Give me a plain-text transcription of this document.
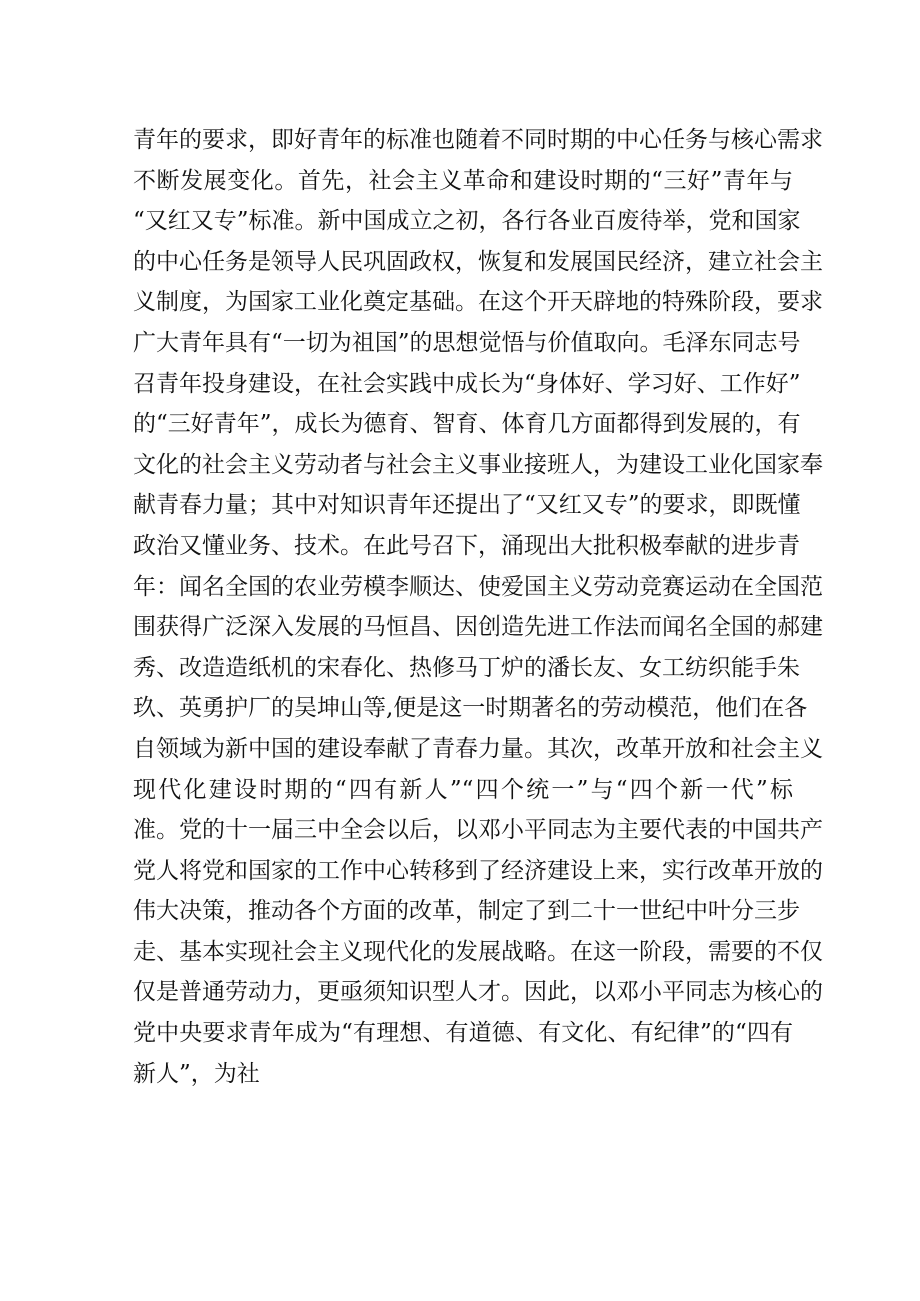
青年的要求，即好青年的标准也随着不同时期的中心任务与核心需求
不断发展变化。首先，社会主义革命和建设时期的“三好”青年与
“又红又专”标准。新中国成立之初，各行各业百废待举，党和国家
的中心任务是领导人民巩固政权，恢复和发展国民经济，建立社会主
义制度，为国家工业化奠定基础。在这个开天辟地的特殊阶段，要求
广大青年具有“一切为祖国”的思想觉悟与价值取向。毛泽东同志号
召青年投身建设，在社会实践中成长为“身体好、学习好、工作好”
的“三好青年”，成长为德育、智育、体育几方面都得到发展的，有
文化的社会主义劳动者与社会主义事业接班人，为建设工业化国家奉
献青春力量；其中对知识青年还提出了“又红又专”的要求，即既懂
政治又懂业务、技术。在此号召下，涌现出大批积极奉献的进步青
年：闻名全国的农业劳模李顺达、使爱国主义劳动竞赛运动在全国范
围获得广泛深入发展的马恒昌、因创造先进工作法而闻名全国的郝建
秀、改造造纸机的宋春化、热修马丁炉的潘长友、女工纺织能手朱
玖、英勇护厂的吴坤山等,便是这一时期著名的劳动模范，他们在各
自领域为新中国的建设奉献了青春力量。其次，改革开放和社会主义
现代化建设时期的“四有新人”“四个统一”与“四个新一代”标
准。党的十一届三中全会以后，以邓小平同志为主要代表的中国共产
党人将党和国家的工作中心转移到了经济建设上来，实行改革开放的
伟大决策，推动各个方面的改革，制定了到二十一世纪中叶分三步
走、基本实现社会主义现代化的发展战略。在这一阶段，需要的不仅
仅是普通劳动力，更亟须知识型人才。因此，以邓小平同志为核心的
党中央要求青年成为“有理想、有道德、有文化、有纪律”的“四有
新人”，为社
